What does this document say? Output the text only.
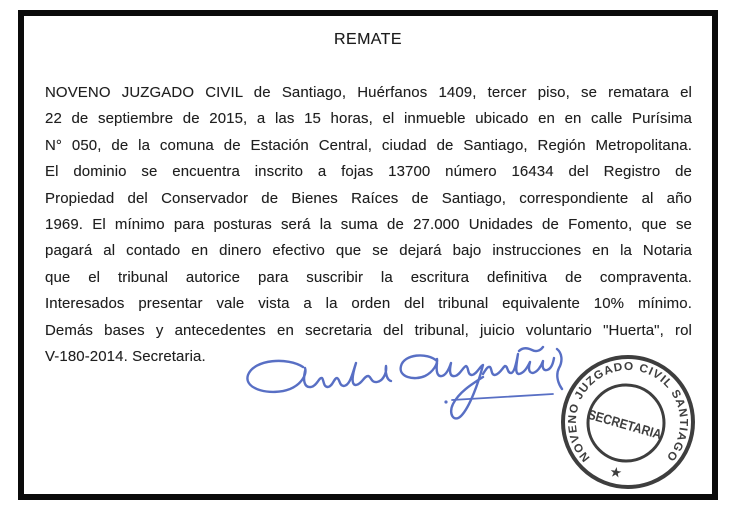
REMATE
NOVENO JUZGADO CIVIL de Santiago, Huérfanos 1409, tercer piso, se rematara el
22 de septiembre de 2015, a las 15 horas, el inmueble ubicado en en calle Purísima
N° 050, de la comuna de Estación Central, ciudad de Santiago, Región Metropolitana.
El dominio se encuentra inscrito a fojas 13700 número 16434 del Registro de
Propiedad del Conservador de Bienes Raíces de Santiago, correspondiente al año
1969. El mínimo para posturas será la suma de 27.000 Unidades de Fomento, que se
pagará al contado en dinero efectivo que se dejará bajo instrucciones en la Notaria
que el tribunal autorice para suscribir la escritura definitiva de compraventa.
Interesados presentar vale vista a la orden del tribunal equivalente 10% mínimo.
Demás bases y antecedentes en secretaria del tribunal, juicio voluntario "Huerta", rol
V-180-2014. Secretaria.
NOVENO JUZGADO CIVIL SANTIAGO
SECRETARIA
★
